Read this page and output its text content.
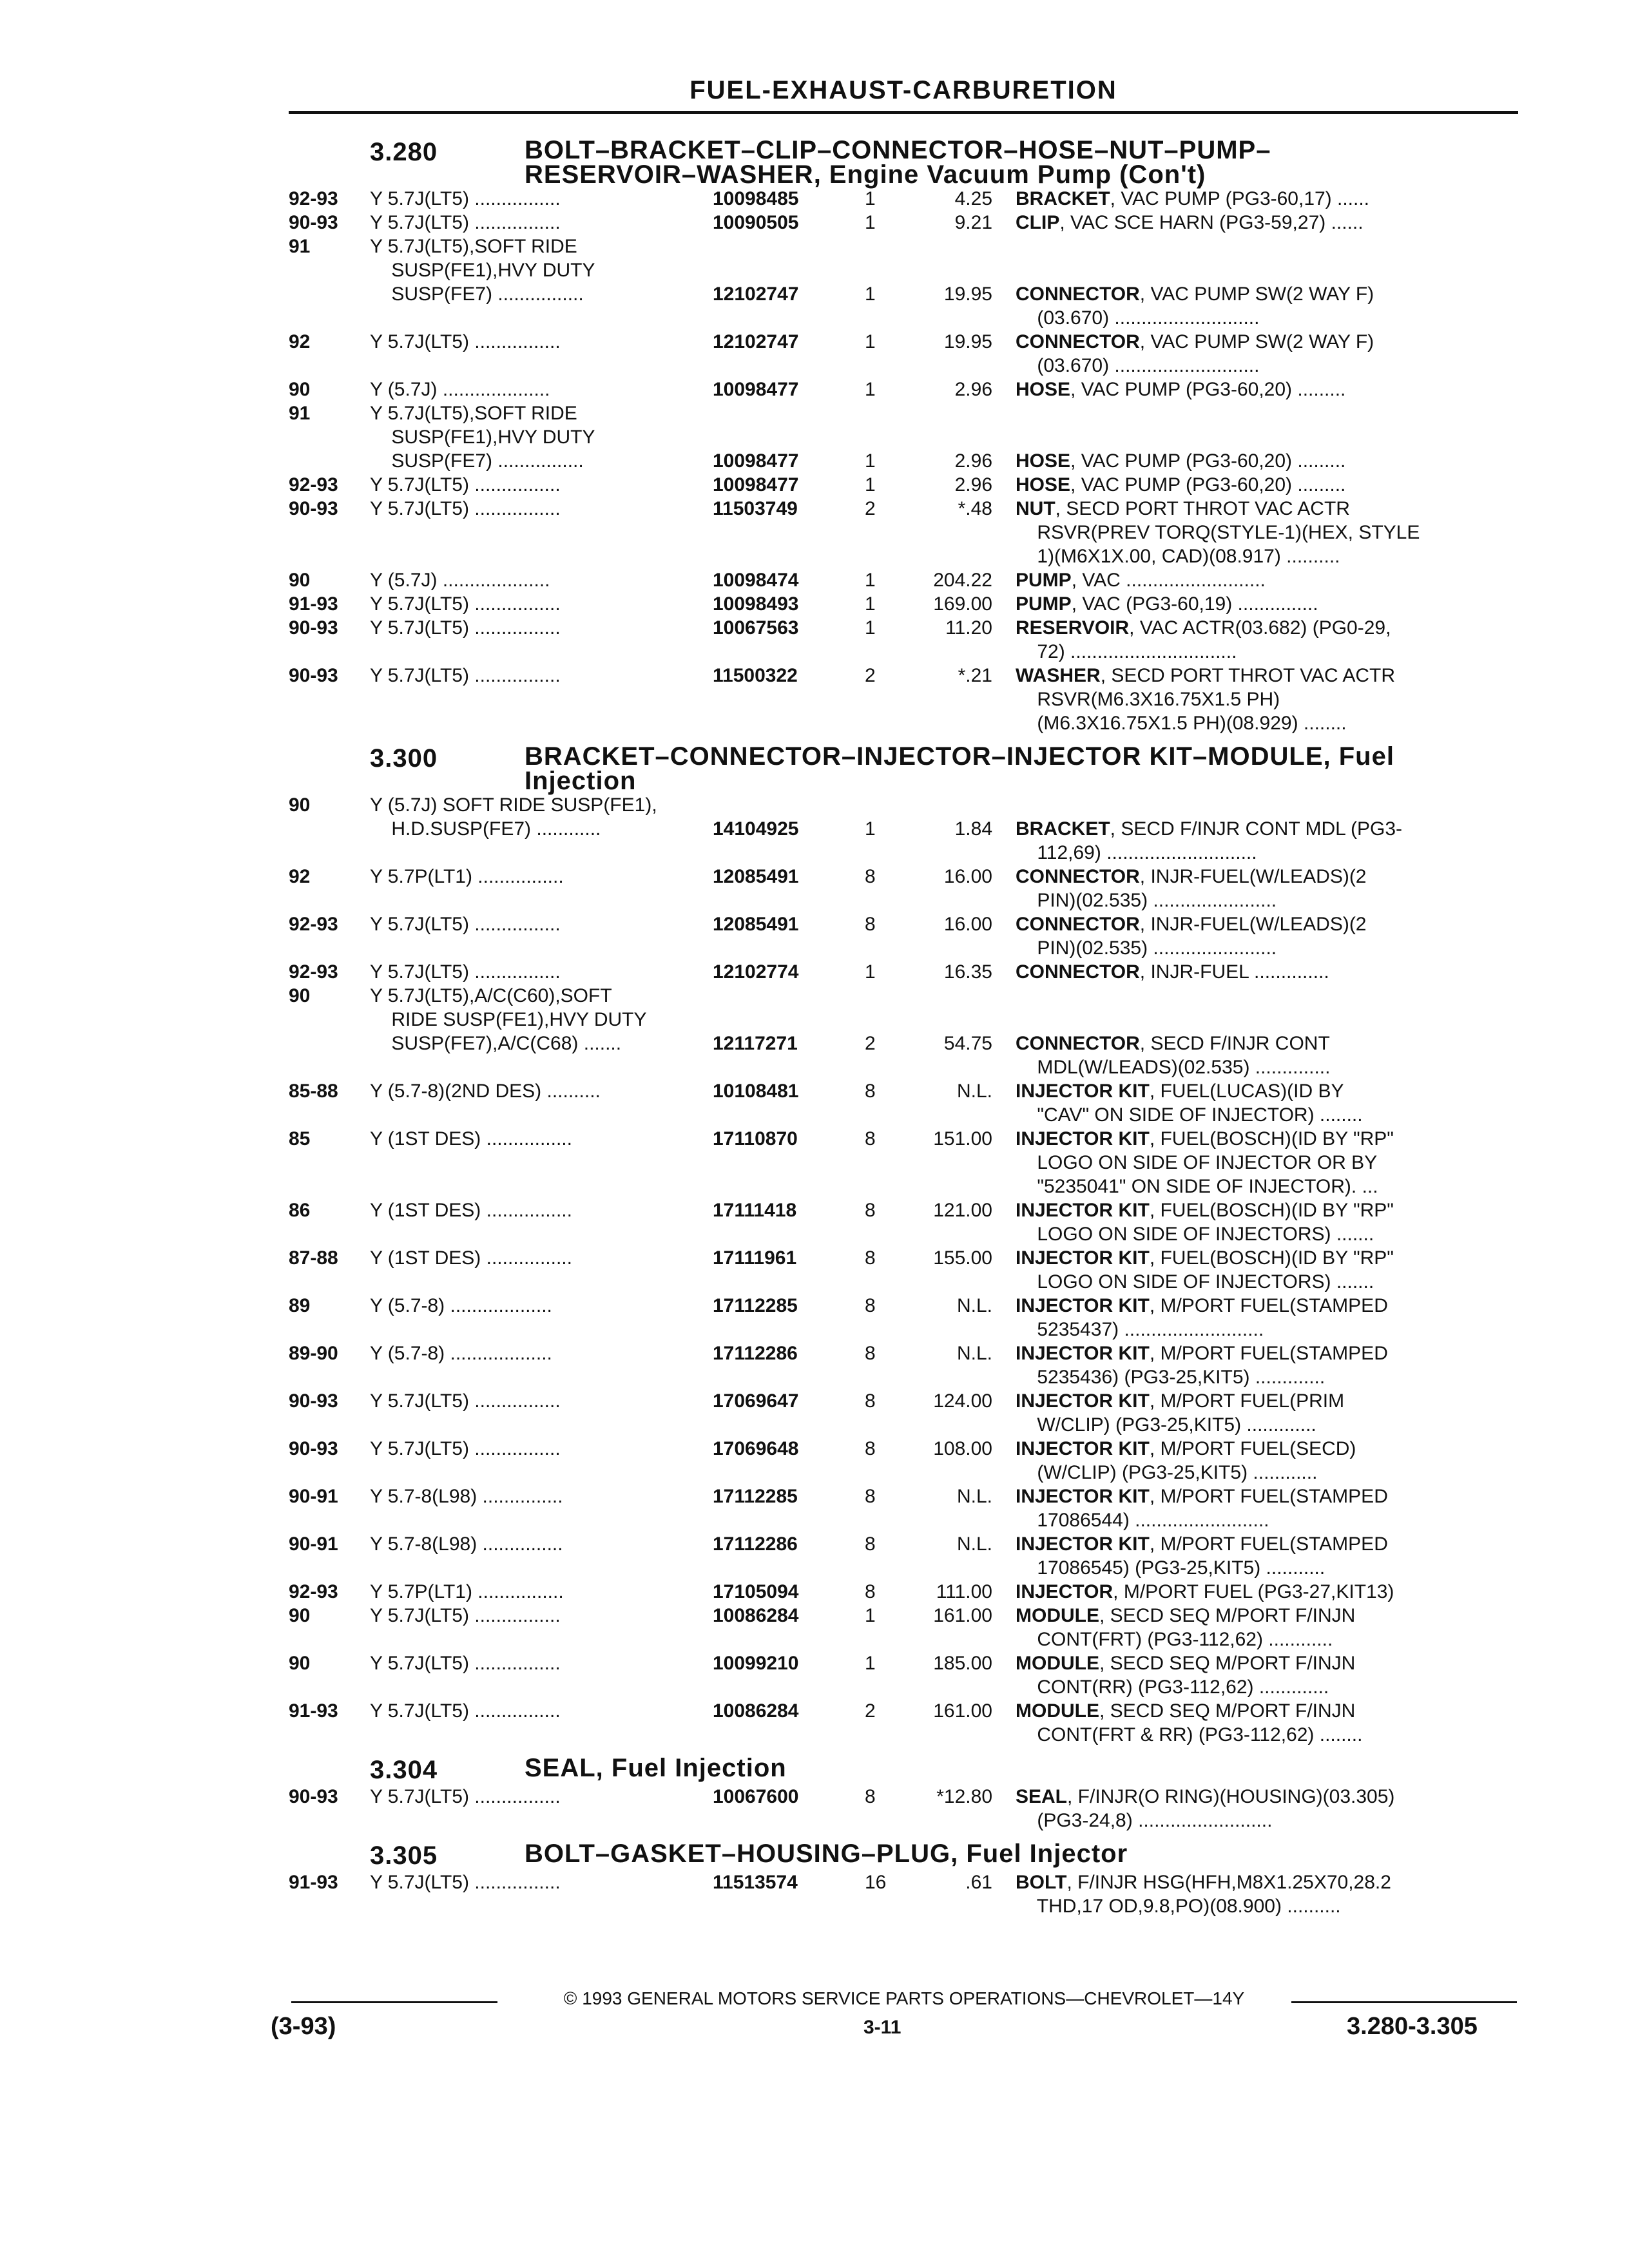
FUEL-EXHAUST-CARBURETION
3.280	BOLT–BRACKET–CLIP–CONNECTOR–HOSE–NUT–PUMP–
RESERVOIR–WASHER, Engine Vacuum Pump (Con't)
92-93	Y 5.7J(LT5) ................	10098485	1	4.25	BRACKET, VAC PUMP (PG3-60,17) ......
90-93	Y 5.7J(LT5) ................	10090505	1	9.21	CLIP, VAC SCE HARN (PG3-59,27) ......
91	Y 5.7J(LT5),SOFT RIDE
SUSP(FE1),HVY DUTY
SUSP(FE7) ................	12102747	1	19.95	CONNECTOR, VAC PUMP SW(2 WAY F)
(03.670) ...........................
92	Y 5.7J(LT5) ................	12102747	1	19.95	CONNECTOR, VAC PUMP SW(2 WAY F)
(03.670) ...........................
90	Y (5.7J) ....................	10098477	1	2.96	HOSE, VAC PUMP (PG3-60,20) .........
91	Y 5.7J(LT5),SOFT RIDE
SUSP(FE1),HVY DUTY
SUSP(FE7) ................	10098477	1	2.96	HOSE, VAC PUMP (PG3-60,20) .........
92-93	Y 5.7J(LT5) ................	10098477	1	2.96	HOSE, VAC PUMP (PG3-60,20) .........
90-93	Y 5.7J(LT5) ................	11503749	2	*.48	NUT, SECD PORT THROT VAC ACTR
RSVR(PREV TORQ(STYLE-1)(HEX, STYLE
1)(M6X1X.00, CAD)(08.917) ..........
90	Y (5.7J) ....................	10098474	1	204.22	PUMP, VAC ..........................
91-93	Y 5.7J(LT5) ................	10098493	1	169.00	PUMP, VAC (PG3-60,19) ...............
90-93	Y 5.7J(LT5) ................	10067563	1	11.20	RESERVOIR, VAC ACTR(03.682) (PG0-29,
72) ...............................
90-93	Y 5.7J(LT5) ................	11500322	2	*.21	WASHER, SECD PORT THROT VAC ACTR
RSVR(M6.3X16.75X1.5 PH)
(M6.3X16.75X1.5 PH)(08.929) ........
3.300	BRACKET–CONNECTOR–INJECTOR–INJECTOR KIT–MODULE, Fuel
Injection
90	Y (5.7J) SOFT RIDE SUSP(FE1),
H.D.SUSP(FE7) ............	14104925	1	1.84	BRACKET, SECD F/INJR CONT MDL (PG3-
112,69) ............................
92	Y 5.7P(LT1) ................	12085491	8	16.00	CONNECTOR, INJR-FUEL(W/LEADS)(2
PIN)(02.535) .......................
92-93	Y 5.7J(LT5) ................	12085491	8	16.00	CONNECTOR, INJR-FUEL(W/LEADS)(2
PIN)(02.535) .......................
92-93	Y 5.7J(LT5) ................	12102774	1	16.35	CONNECTOR, INJR-FUEL ..............
90	Y 5.7J(LT5),A/C(C60),SOFT
RIDE SUSP(FE1),HVY DUTY
SUSP(FE7),A/C(C68) .......	12117271	2	54.75	CONNECTOR, SECD F/INJR CONT
MDL(W/LEADS)(02.535) ..............
85-88	Y (5.7-8)(2ND DES) ..........	10108481	8	N.L.	INJECTOR KIT, FUEL(LUCAS)(ID BY
"CAV" ON SIDE OF INJECTOR) ........
85	Y (1ST DES) ................	17110870	8	151.00	INJECTOR KIT, FUEL(BOSCH)(ID BY "RP"
LOGO ON SIDE OF INJECTOR OR BY
"5235041" ON SIDE OF INJECTOR). ...
86	Y (1ST DES) ................	17111418	8	121.00	INJECTOR KIT, FUEL(BOSCH)(ID BY "RP"
LOGO ON SIDE OF INJECTORS) .......
87-88	Y (1ST DES) ................	17111961	8	155.00	INJECTOR KIT, FUEL(BOSCH)(ID BY "RP"
LOGO ON SIDE OF INJECTORS) .......
89	Y (5.7-8) ...................	17112285	8	N.L.	INJECTOR KIT, M/PORT FUEL(STAMPED
5235437) ..........................
89-90	Y (5.7-8) ...................	17112286	8	N.L.	INJECTOR KIT, M/PORT FUEL(STAMPED
5235436) (PG3-25,KIT5) .............
90-93	Y 5.7J(LT5) ................	17069647	8	124.00	INJECTOR KIT, M/PORT FUEL(PRIM
W/CLIP) (PG3-25,KIT5) .............
90-93	Y 5.7J(LT5) ................	17069648	8	108.00	INJECTOR KIT, M/PORT FUEL(SECD)
(W/CLIP) (PG3-25,KIT5) ............
90-91	Y 5.7-8(L98) ...............	17112285	8	N.L.	INJECTOR KIT, M/PORT FUEL(STAMPED
17086544) .........................
90-91	Y 5.7-8(L98) ...............	17112286	8	N.L.	INJECTOR KIT, M/PORT FUEL(STAMPED
17086545) (PG3-25,KIT5) ...........
92-93	Y 5.7P(LT1) ................	17105094	8	111.00	INJECTOR, M/PORT FUEL (PG3-27,KIT13)
90	Y 5.7J(LT5) ................	10086284	1	161.00	MODULE, SECD SEQ M/PORT F/INJN
CONT(FRT) (PG3-112,62) ............
90	Y 5.7J(LT5) ................	10099210	1	185.00	MODULE, SECD SEQ M/PORT F/INJN
CONT(RR) (PG3-112,62) .............
91-93	Y 5.7J(LT5) ................	10086284	2	161.00	MODULE, SECD SEQ M/PORT F/INJN
CONT(FRT & RR) (PG3-112,62) ........
3.304	SEAL, Fuel Injection
90-93	Y 5.7J(LT5) ................	10067600	8	*12.80	SEAL, F/INJR(O RING)(HOUSING)(03.305)
(PG3-24,8) .........................
3.305	BOLT–GASKET–HOUSING–PLUG, Fuel Injector
91-93	Y 5.7J(LT5) ................	11513574	16	.61	BOLT, F/INJR HSG(HFH,M8X1.25X70,28.2
THD,17 OD,9.8,PO)(08.900) ..........
© 1993 GENERAL MOTORS SERVICE PARTS OPERATIONS—CHEVROLET—14Y
(3-93)	3-11	3.280-3.305
